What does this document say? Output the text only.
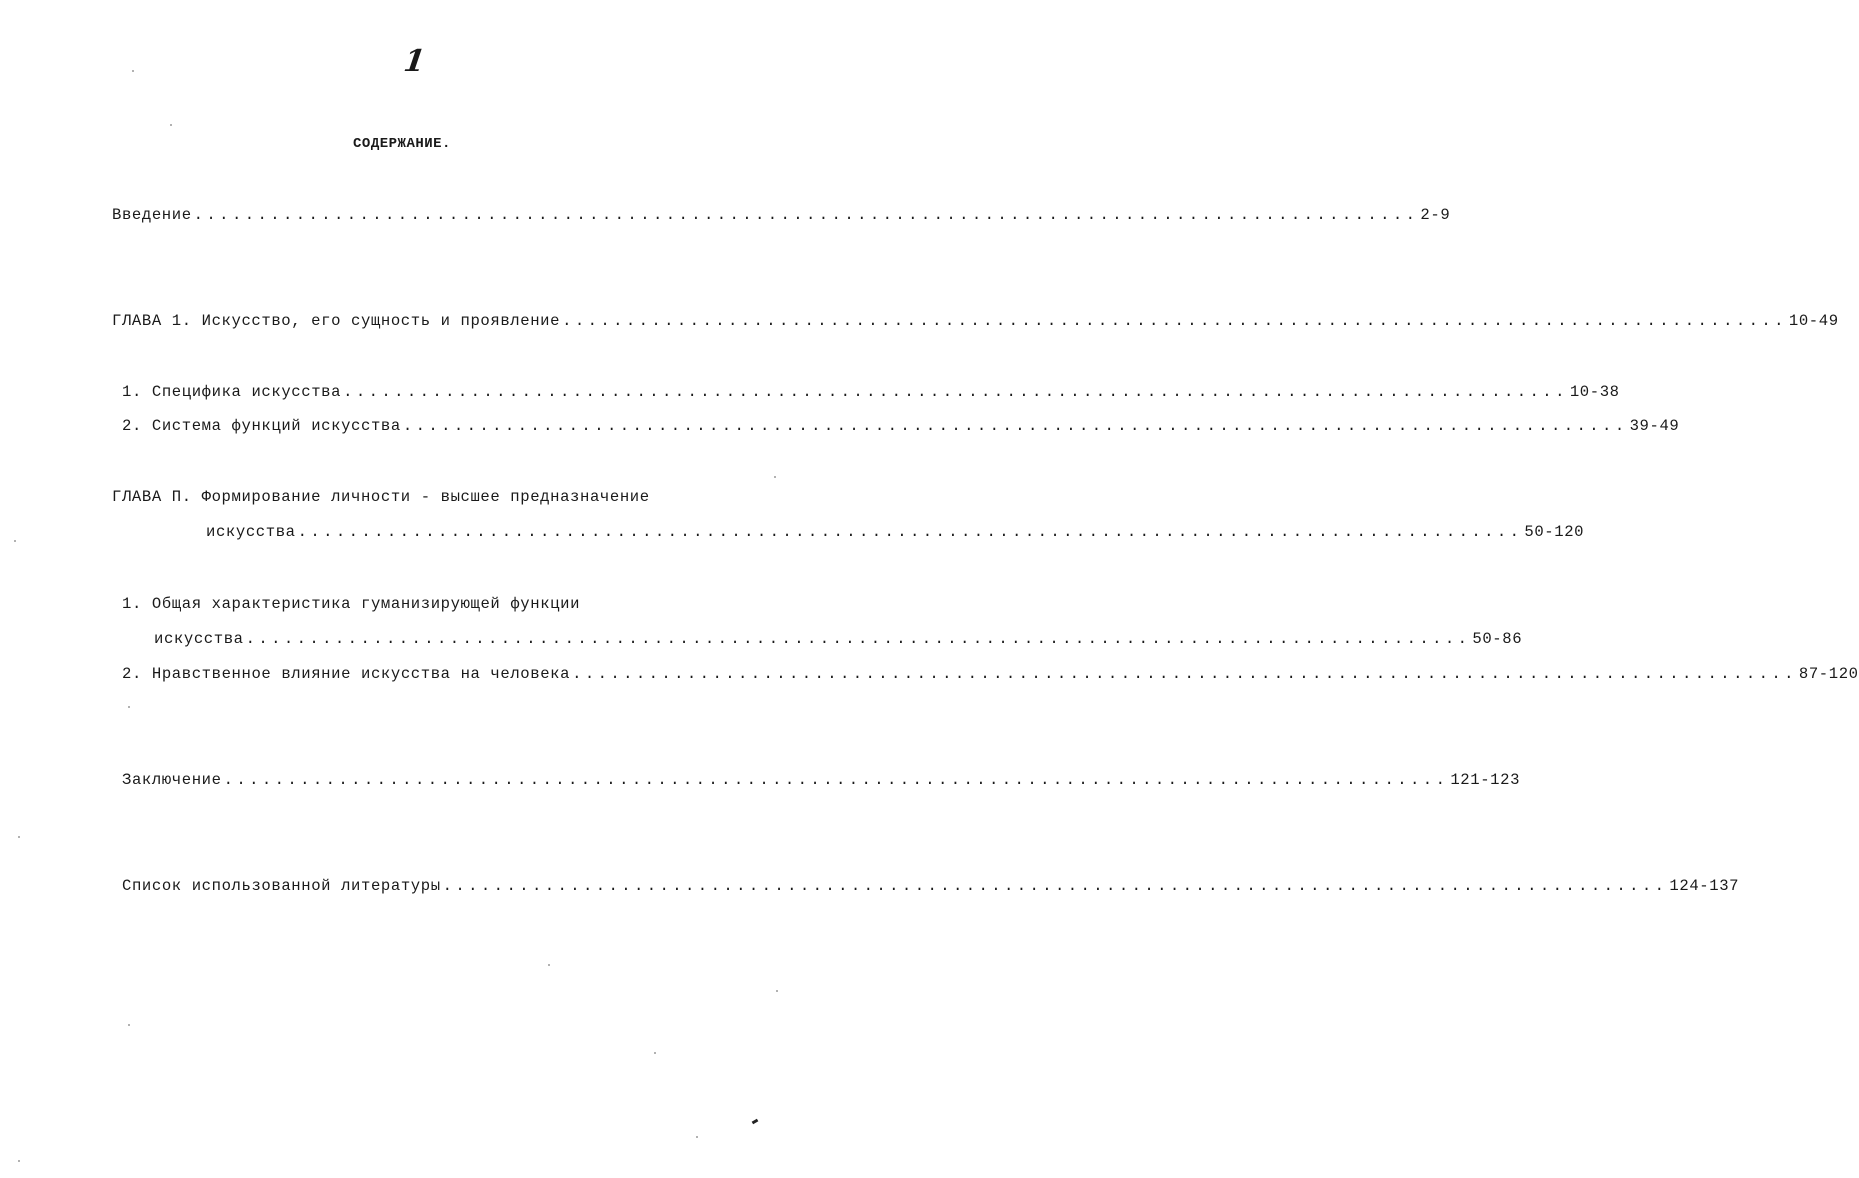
1
СОДЕРЖАНИЕ.
Введение ................................................................................................ 2-9
ГЛАВА 1. Искусство, его сущность и проявление ................................................................................................ 10-49
1. Специфика искусства ................................................................................................ 10-38
2. Система функций искусства ................................................................................................ 39-49
ГЛАВА П. Формирование личности - высшее предназначение
искусства ................................................................................................ 50-120
1. Общая характеристика гуманизирующей функции
искусства ................................................................................................ 50-86
2. Нравственное влияние искусства на человека ................................................................................................ 87-120
Заключение ................................................................................................ 121-123
Список использованной литературы ................................................................................................ 124-137
